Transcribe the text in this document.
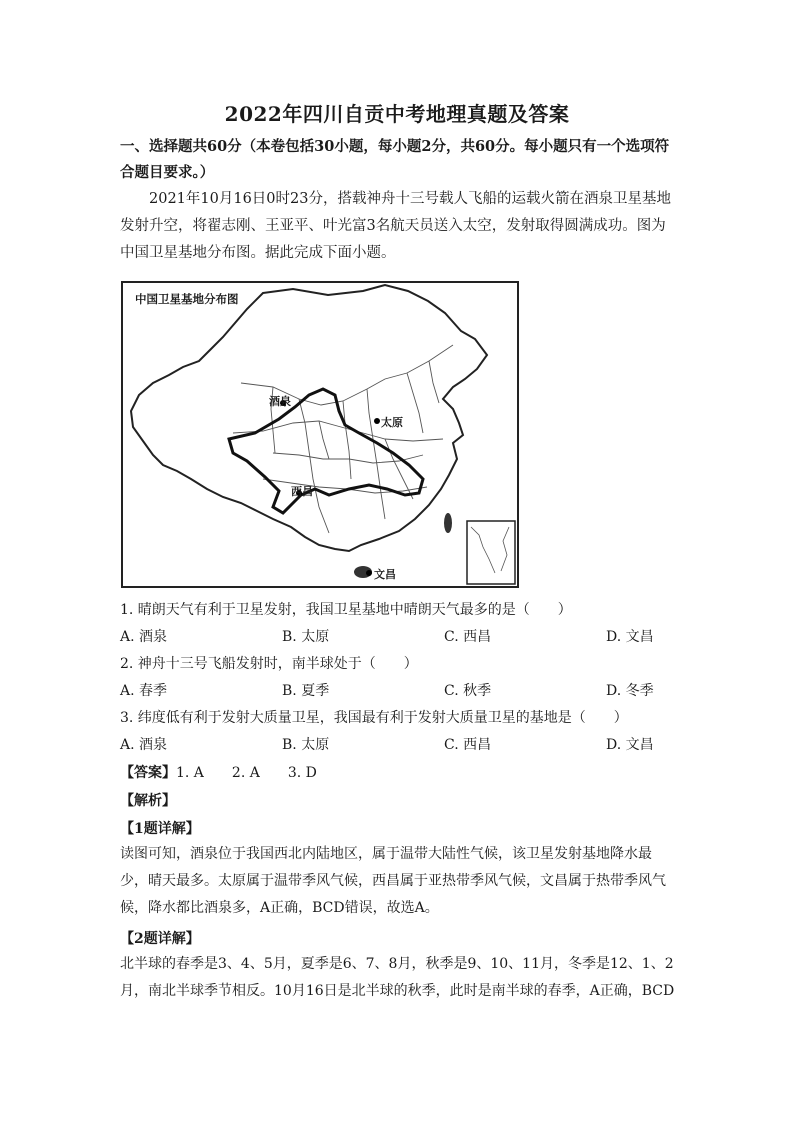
2022年四川自贡中考地理真题及答案
一、选择题共60分（本卷包括30小题，每小题2分，共60分。每小题只有一个选项符合题目要求。）
2021年10月16日0时23分，搭载神舟十三号载人飞船的运载火箭在酒泉卫星基地发射升空，将翟志刚、王亚平、叶光富3名航天员送入太空，发射取得圆满成功。图为中国卫星基地分布图。据此完成下面小题。
中国卫星基地分布图
酒泉
太原
西昌
文昌
1. 晴朗天气有利于卫星发射，我国卫星基地中晴朗天气最多的是（　　）
A. 酒泉	B. 太原	C. 西昌	D. 文昌
2. 神舟十三号飞船发射时，南半球处于（　　）
A. 春季	B. 夏季	C. 秋季	D. 冬季
3. 纬度低有利于发射大质量卫星，我国最有利于发射大质量卫星的基地是（　　）
A. 酒泉	B. 太原	C. 西昌	D. 文昌
【答案】1. A　　2. A　　3. D
【解析】
【1题详解】
读图可知，酒泉位于我国西北内陆地区，属于温带大陆性气候，该卫星发射基地降水最少，晴天最多。太原属于温带季风气候，西昌属于亚热带季风气候，文昌属于热带季风气候，降水都比酒泉多，A正确，BCD错误，故选A。
【2题详解】
北半球的春季是3、4、5月，夏季是6、7、8月，秋季是9、10、11月，冬季是12、1、2月，南北半球季节相反。10月16日是北半球的秋季，此时是南半球的春季，A正确，BCD
